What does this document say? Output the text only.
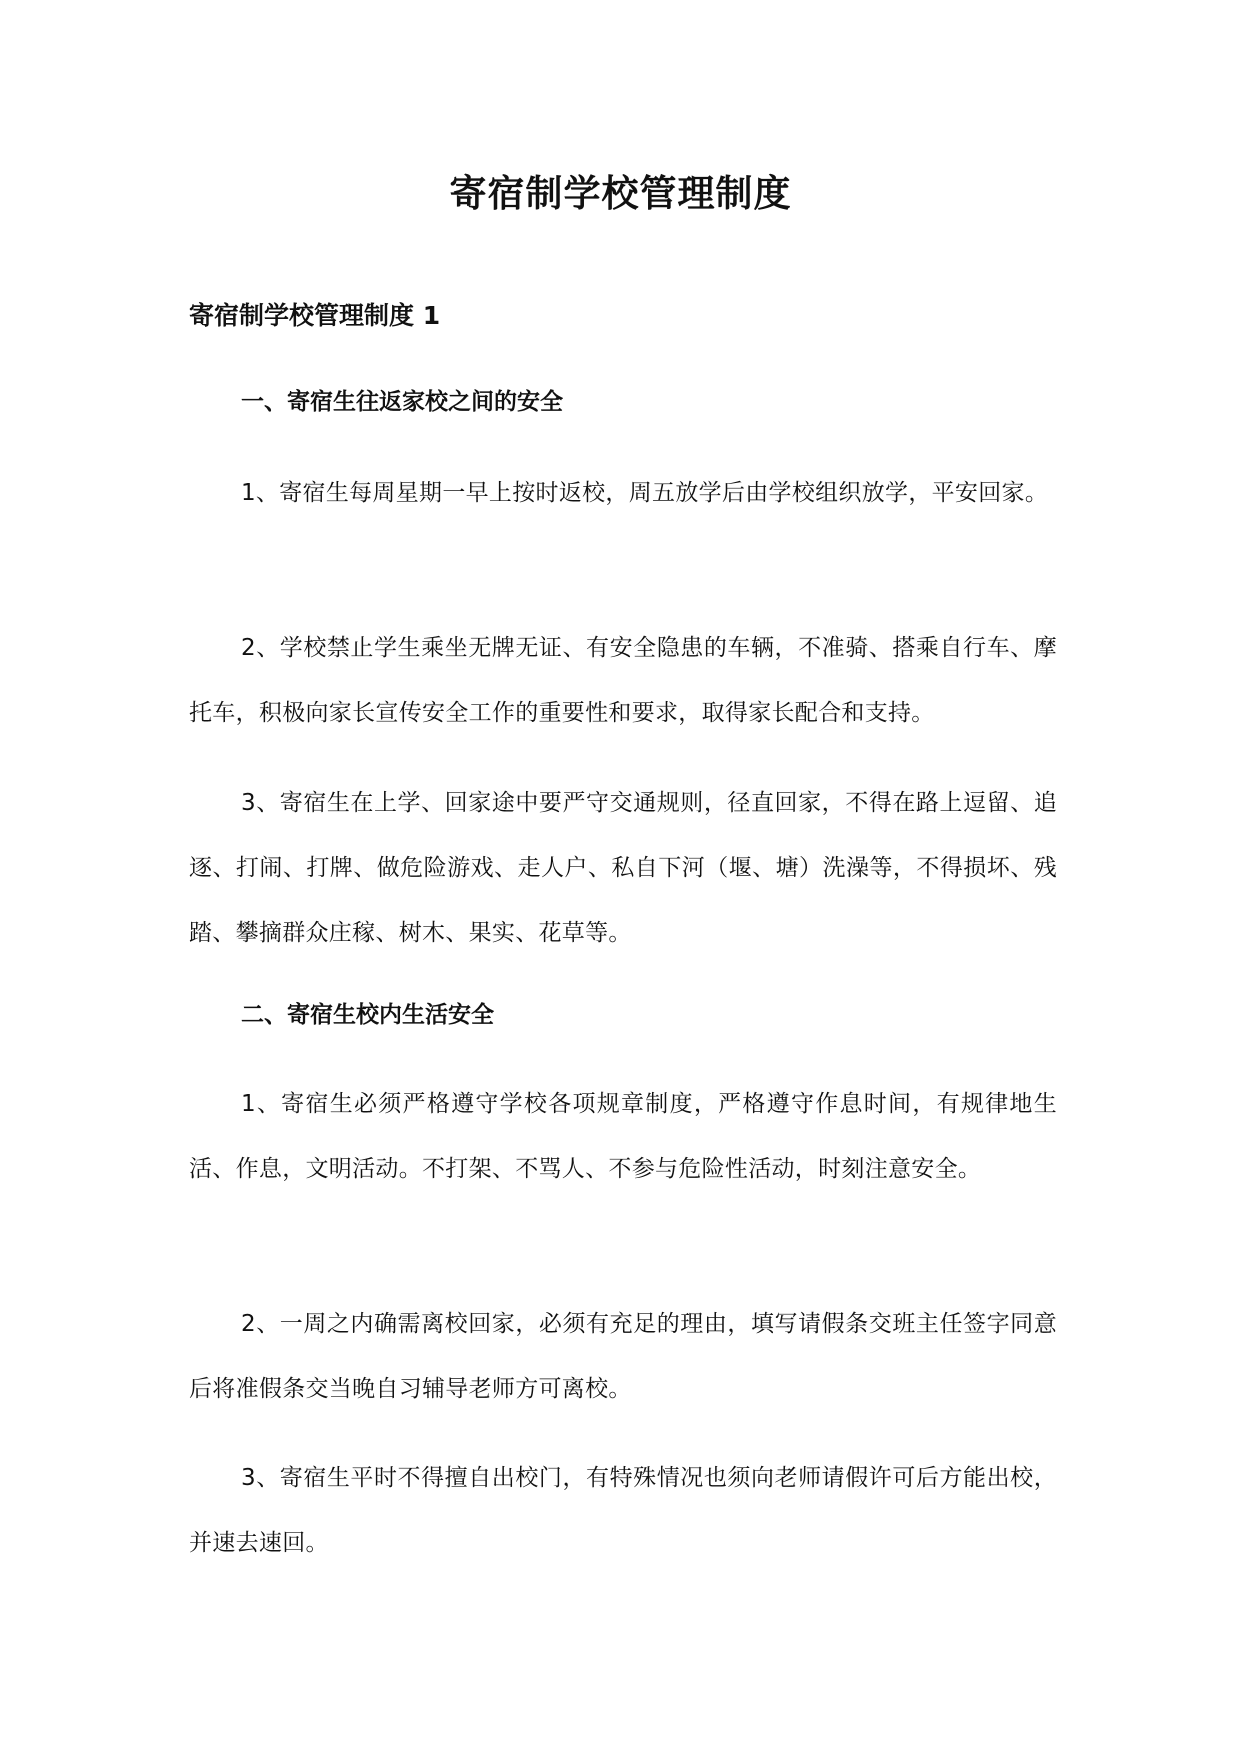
寄宿制学校管理制度
寄宿制学校管理制度 1
一、寄宿生往返家校之间的安全

1、寄宿生每周星期一早上按时返校，周五放学后由学校组织放学，平安回家。

2、学校禁止学生乘坐无牌无证、有安全隐患的车辆，不准骑、搭乘自行车、摩托车，积极向家长宣传安全工作的重要性和要求，取得家长配合和支持。

3、寄宿生在上学、回家途中要严守交通规则，径直回家，不得在路上逗留、追逐、打闹、打牌、做危险游戏、走人户、私自下河（堰、塘）洗澡等，不得损坏、残踏、攀摘群众庄稼、树木、果实、花草等。

二、寄宿生校内生活安全

1、寄宿生必须严格遵守学校各项规章制度，严格遵守作息时间，有规律地生活、作息，文明活动。不打架、不骂人、不参与危险性活动，时刻注意安全。

2、一周之内确需离校回家，必须有充足的理由，填写请假条交班主任签字同意后将准假条交当晚自习辅导老师方可离校。

3、寄宿生平时不得擅自出校门，有特殊情况也须向老师请假许可后方能出校，并速去速回。
